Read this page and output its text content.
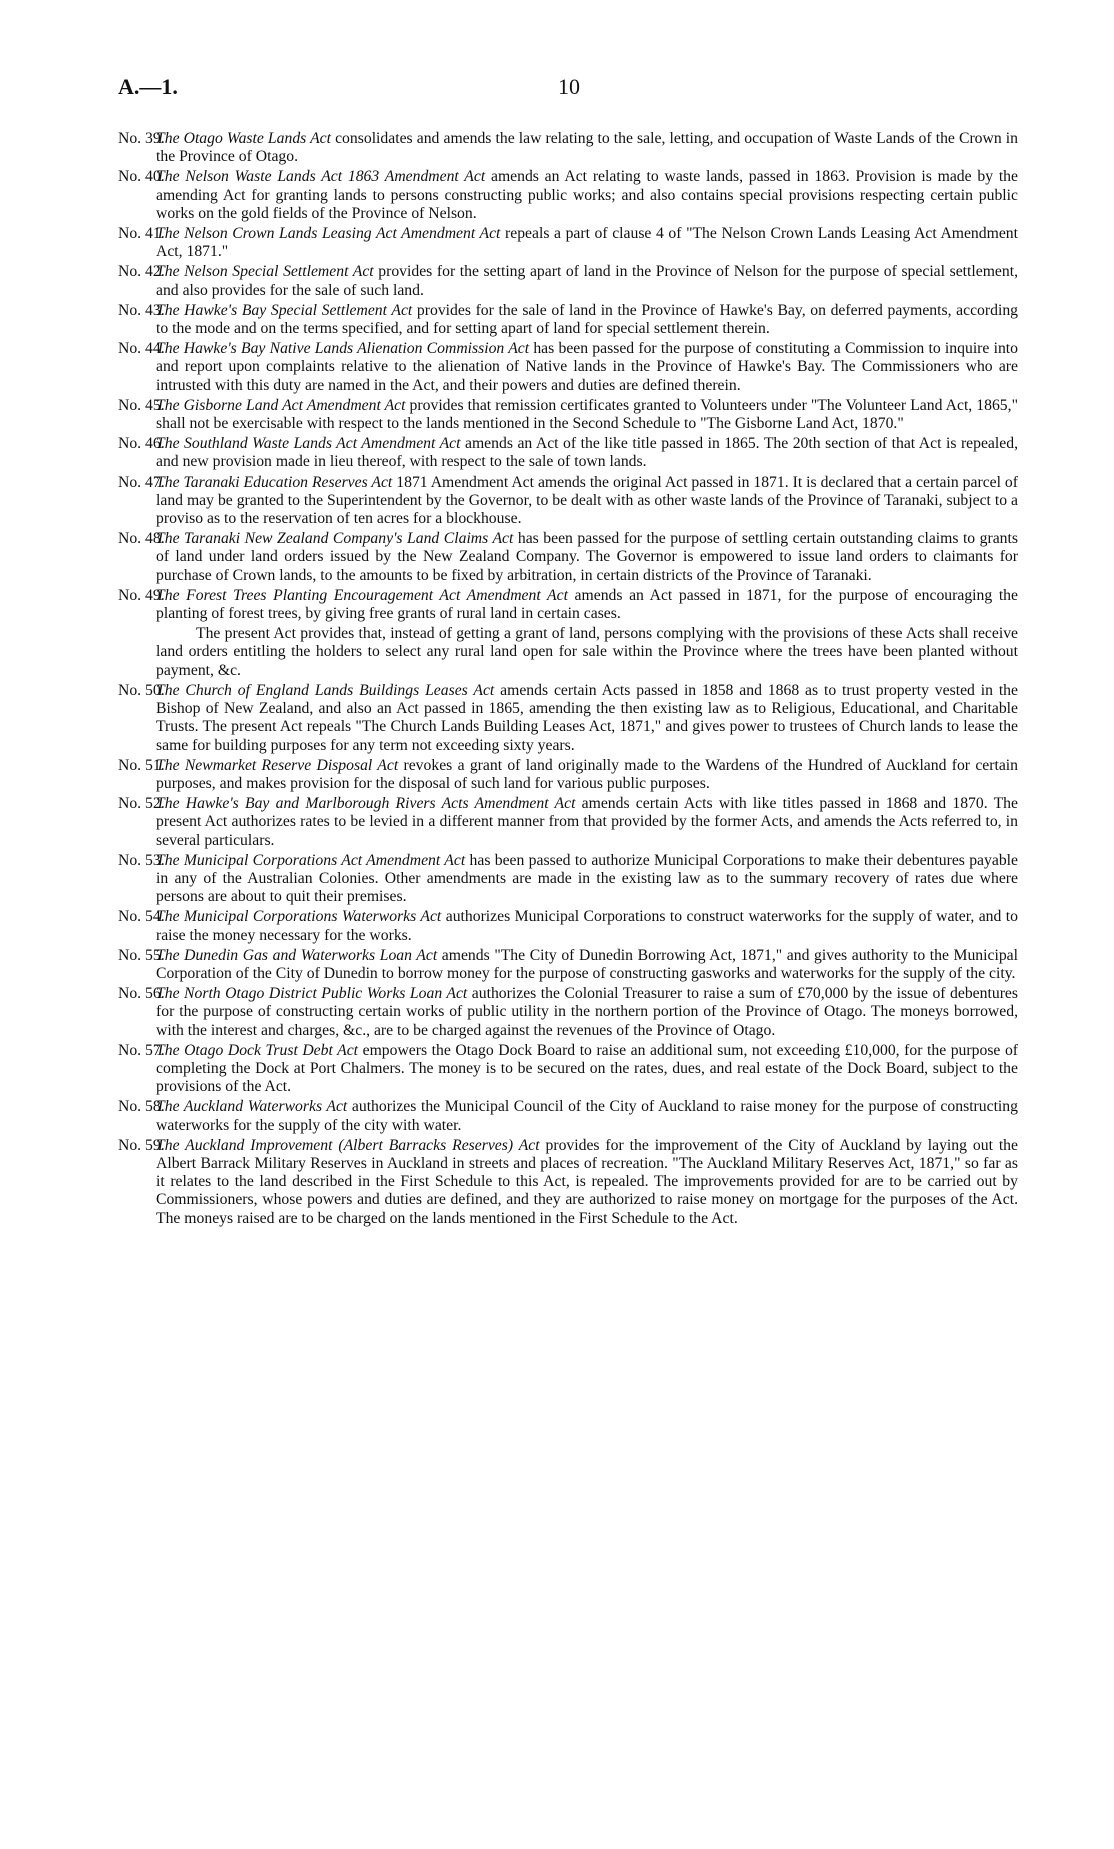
A.—1.	10
No. 39.
The Otago Waste Lands Act consolidates and amends the law relating to the sale, letting, and occupation of Waste Lands of the Crown in the Province of Otago.
No. 40.
The Nelson Waste Lands Act 1863 Amendment Act amends an Act relating to waste lands, passed in 1863. Provision is made by the amending Act for granting lands to persons constructing public works; and also contains special provisions respecting certain public works on the gold fields of the Province of Nelson.
No. 41.
The Nelson Crown Lands Leasing Act Amendment Act repeals a part of clause 4 of "The Nelson Crown Lands Leasing Act Amendment Act, 1871."
No. 42.
The Nelson Special Settlement Act provides for the setting apart of land in the Province of Nelson for the purpose of special settlement, and also provides for the sale of such land.
No. 43.
The Hawke's Bay Special Settlement Act provides for the sale of land in the Province of Hawke's Bay, on deferred payments, according to the mode and on the terms specified, and for setting apart of land for special settlement therein.
No. 44.
The Hawke's Bay Native Lands Alienation Commission Act has been passed for the purpose of constituting a Commission to inquire into and report upon complaints relative to the alienation of Native lands in the Province of Hawke's Bay. The Commissioners who are intrusted with this duty are named in the Act, and their powers and duties are defined therein.
No. 45.
The Gisborne Land Act Amendment Act provides that remission certificates granted to Volunteers under "The Volunteer Land Act, 1865," shall not be exercisable with respect to the lands mentioned in the Second Schedule to "The Gisborne Land Act, 1870."
No. 46.
The Southland Waste Lands Act Amendment Act amends an Act of the like title passed in 1865. The 20th section of that Act is repealed, and new provision made in lieu thereof, with respect to the sale of town lands.
No. 47.
The Taranaki Education Reserves Act 1871 Amendment Act amends the original Act passed in 1871. It is declared that a certain parcel of land may be granted to the Superintendent by the Governor, to be dealt with as other waste lands of the Province of Taranaki, subject to a proviso as to the reservation of ten acres for a blockhouse.
No. 48.
The Taranaki New Zealand Company's Land Claims Act has been passed for the purpose of settling certain outstanding claims to grants of land under land orders issued by the New Zealand Company. The Governor is empowered to issue land orders to claimants for purchase of Crown lands, to the amounts to be fixed by arbitration, in certain districts of the Province of Taranaki.
No. 49.
The Forest Trees Planting Encouragement Act Amendment Act amends an Act passed in 1871, for the purpose of encouraging the planting of forest trees, by giving free grants of rural land in certain cases.
The present Act provides that, instead of getting a grant of land, persons complying with the provisions of these Acts shall receive land orders entitling the holders to select any rural land open for sale within the Province where the trees have been planted without payment, &c.
No. 50.
The Church of England Lands Buildings Leases Act amends certain Acts passed in 1858 and 1868 as to trust property vested in the Bishop of New Zealand, and also an Act passed in 1865, amending the then existing law as to Religious, Educational, and Charitable Trusts. The present Act repeals "The Church Lands Building Leases Act, 1871," and gives power to trustees of Church lands to lease the same for building purposes for any term not exceeding sixty years.
No. 51.
The Newmarket Reserve Disposal Act revokes a grant of land originally made to the Wardens of the Hundred of Auckland for certain purposes, and makes provision for the disposal of such land for various public purposes.
No. 52.
The Hawke's Bay and Marlborough Rivers Acts Amendment Act amends certain Acts with like titles passed in 1868 and 1870. The present Act authorizes rates to be levied in a different manner from that provided by the former Acts, and amends the Acts referred to, in several particulars.
No. 53.
The Municipal Corporations Act Amendment Act has been passed to authorize Municipal Corporations to make their debentures payable in any of the Australian Colonies. Other amendments are made in the existing law as to the summary recovery of rates due where persons are about to quit their premises.
No. 54.
The Municipal Corporations Waterworks Act authorizes Municipal Corporations to construct waterworks for the supply of water, and to raise the money necessary for the works.
No. 55.
The Dunedin Gas and Waterworks Loan Act amends "The City of Dunedin Borrowing Act, 1871," and gives authority to the Municipal Corporation of the City of Dunedin to borrow money for the purpose of constructing gasworks and waterworks for the supply of the city.
No. 56.
The North Otago District Public Works Loan Act authorizes the Colonial Treasurer to raise a sum of £70,000 by the issue of debentures for the purpose of constructing certain works of public utility in the northern portion of the Province of Otago. The moneys borrowed, with the interest and charges, &c., are to be charged against the revenues of the Province of Otago.
No. 57.
The Otago Dock Trust Debt Act empowers the Otago Dock Board to raise an additional sum, not exceeding £10,000, for the purpose of completing the Dock at Port Chalmers. The money is to be secured on the rates, dues, and real estate of the Dock Board, subject to the provisions of the Act.
No. 58.
The Auckland Waterworks Act authorizes the Municipal Council of the City of Auckland to raise money for the purpose of constructing waterworks for the supply of the city with water.
No. 59.
The Auckland Improvement (Albert Barracks Reserves) Act provides for the improvement of the City of Auckland by laying out the Albert Barrack Military Reserves in Auckland in streets and places of recreation. "The Auckland Military Reserves Act, 1871," so far as it relates to the land described in the First Schedule to this Act, is repealed. The improvements provided for are to be carried out by Commissioners, whose powers and duties are defined, and they are authorized to raise money on mortgage for the purposes of the Act. The moneys raised are to be charged on the lands mentioned in the First Schedule to the Act.
